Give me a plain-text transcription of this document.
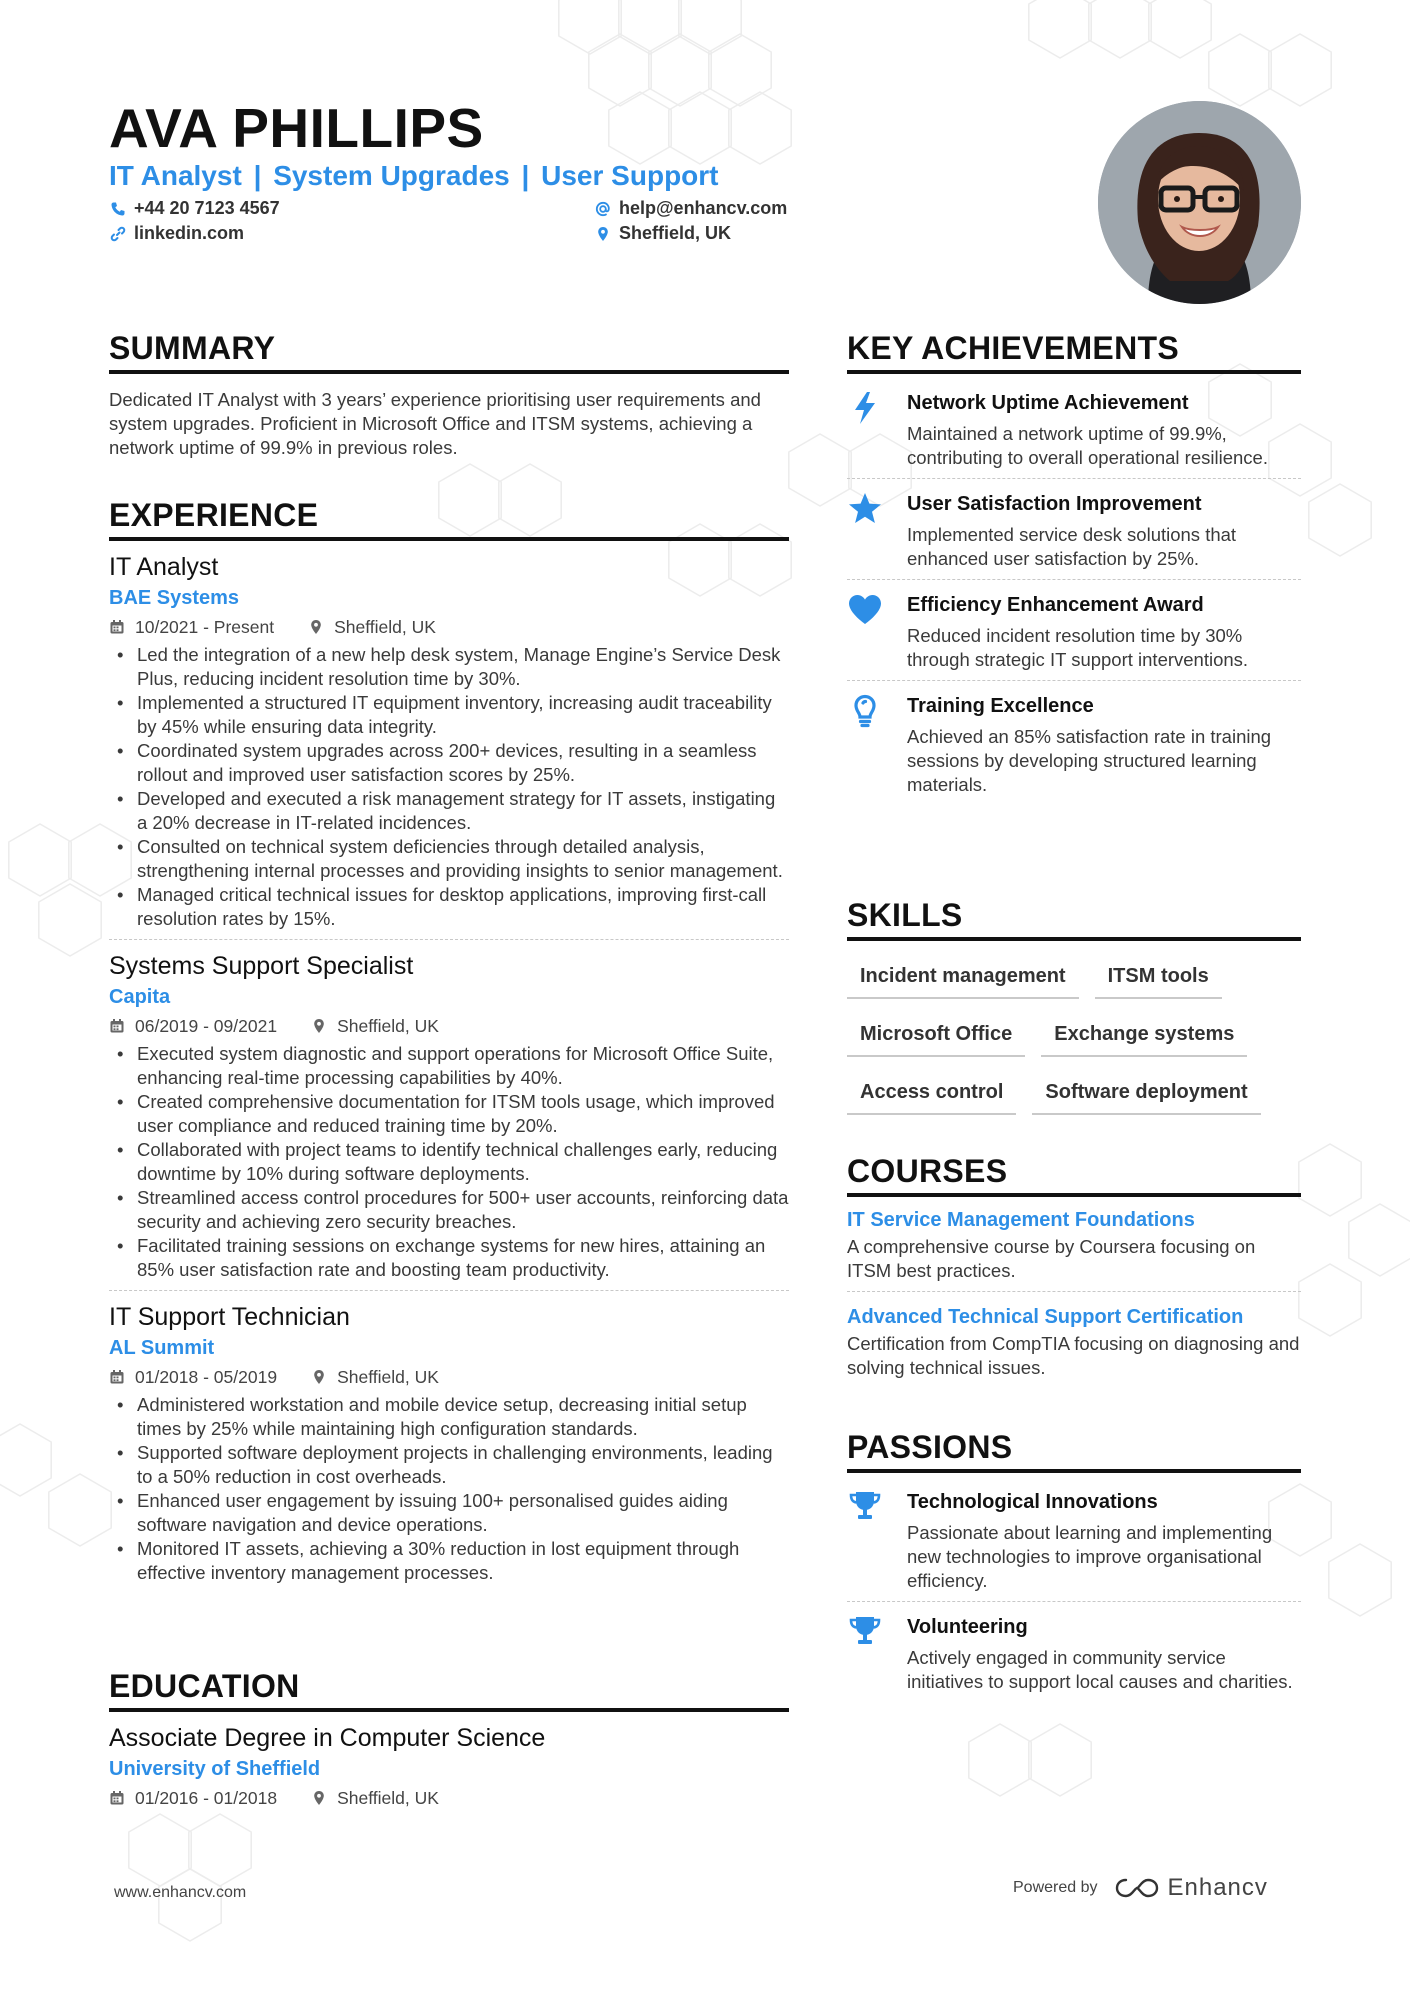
AVA PHILLIPS
IT Analyst | System Upgrades | User Support
+44 20 7123 4567
linkedin.com
help@enhancv.com
Sheffield, UK
SUMMARY
Dedicated IT Analyst with 3 years’ experience prioritising user requirements and system upgrades. Proficient in Microsoft Office and ITSM systems, achieving a network uptime of 99.9% in previous roles.
EXPERIENCE
IT Analyst
BAE Systems
10/2021 - Present	Sheffield, UK
• Led the integration of a new help desk system, Manage Engine’s Service Desk Plus, reducing incident resolution time by 30%.
• Implemented a structured IT equipment inventory, increasing audit traceability by 45% while ensuring data integrity.
• Coordinated system upgrades across 200+ devices, resulting in a seamless rollout and improved user satisfaction scores by 25%.
• Developed and executed a risk management strategy for IT assets, instigating a 20% decrease in IT-related incidences.
• Consulted on technical system deficiencies through detailed analysis, strengthening internal processes and providing insights to senior management.
• Managed critical technical issues for desktop applications, improving first-call resolution rates by 15%.
Systems Support Specialist
Capita
06/2019 - 09/2021	Sheffield, UK
• Executed system diagnostic and support operations for Microsoft Office Suite, enhancing real-time processing capabilities by 40%.
• Created comprehensive documentation for ITSM tools usage, which improved user compliance and reduced training time by 20%.
• Collaborated with project teams to identify technical challenges early, reducing downtime by 10% during software deployments.
• Streamlined access control procedures for 500+ user accounts, reinforcing data security and achieving zero security breaches.
• Facilitated training sessions on exchange systems for new hires, attaining an 85% user satisfaction rate and boosting team productivity.
IT Support Technician
AL Summit
01/2018 - 05/2019	Sheffield, UK
• Administered workstation and mobile device setup, decreasing initial setup times by 25% while maintaining high configuration standards.
• Supported software deployment projects in challenging environments, leading to a 50% reduction in cost overheads.
• Enhanced user engagement by issuing 100+ personalised guides aiding software navigation and device operations.
• Monitored IT assets, achieving a 30% reduction in lost equipment through effective inventory management processes.
EDUCATION
Associate Degree in Computer Science
University of Sheffield
01/2016 - 01/2018	Sheffield, UK
KEY ACHIEVEMENTS
Network Uptime Achievement
Maintained a network uptime of 99.9%, contributing to overall operational resilience.
User Satisfaction Improvement
Implemented service desk solutions that enhanced user satisfaction by 25%.
Efficiency Enhancement Award
Reduced incident resolution time by 30% through strategic IT support interventions.
Training Excellence
Achieved an 85% satisfaction rate in training sessions by developing structured learning materials.
SKILLS
Incident management	ITSM tools
Microsoft Office	Exchange systems
Access control	Software deployment
COURSES
IT Service Management Foundations
A comprehensive course by Coursera focusing on ITSM best practices.
Advanced Technical Support Certification
Certification from CompTIA focusing on diagnosing and solving technical issues.
PASSIONS
Technological Innovations
Passionate about learning and implementing new technologies to improve organisational efficiency.
Volunteering
Actively engaged in community service initiatives to support local causes and charities.
www.enhancv.com	Powered by	Enhancv
